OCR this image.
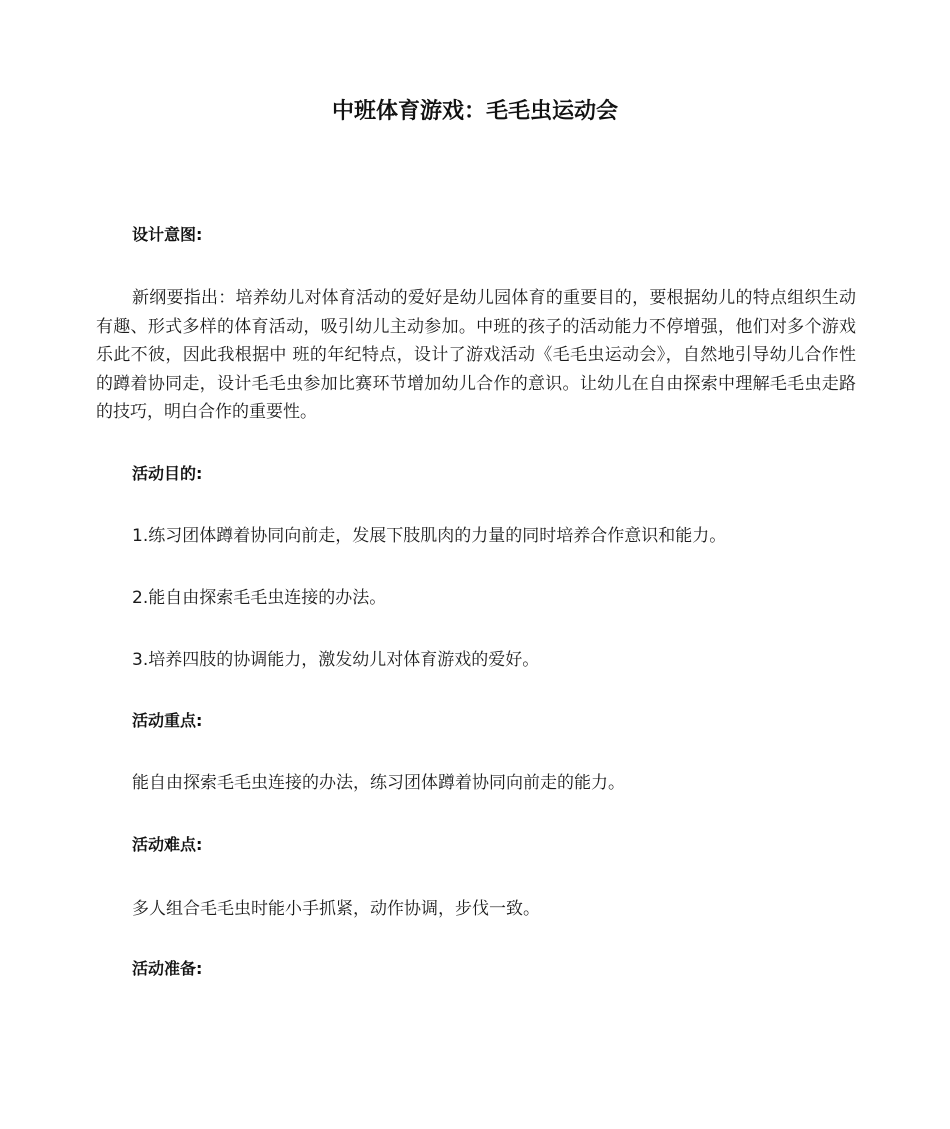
中班体育游戏：毛毛虫运动会

设计意图:

新纲要指出：培养幼儿对体育活动的爱好是幼儿园体育的重要目的，要根据幼儿的特点组织生动有趣、形式多样的体育活动，吸引幼儿主动参加。中班的孩子的活动能力不停增强，他们对多个游戏乐此不彼，因此我根据中 班的年纪特点，设计了游戏活动《毛毛虫运动会》，自然地引导幼儿合作性的蹲着协同走，设计毛毛虫参加比赛环节增加幼儿合作的意识。让幼儿在自由探索中理解毛毛虫走路的技巧，明白合作的重要性。

活动目的:

1.练习团体蹲着协同向前走，发展下肢肌肉的力量的同时培养合作意识和能力。

2.能自由探索毛毛虫连接的办法。

3.培养四肢的协调能力，激发幼儿对体育游戏的爱好。

活动重点:

能自由探索毛毛虫连接的办法，练习团体蹲着协同向前走的能力。

活动难点:

多人组合毛毛虫时能小手抓紧，动作协调，步伐一致。

活动准备:
